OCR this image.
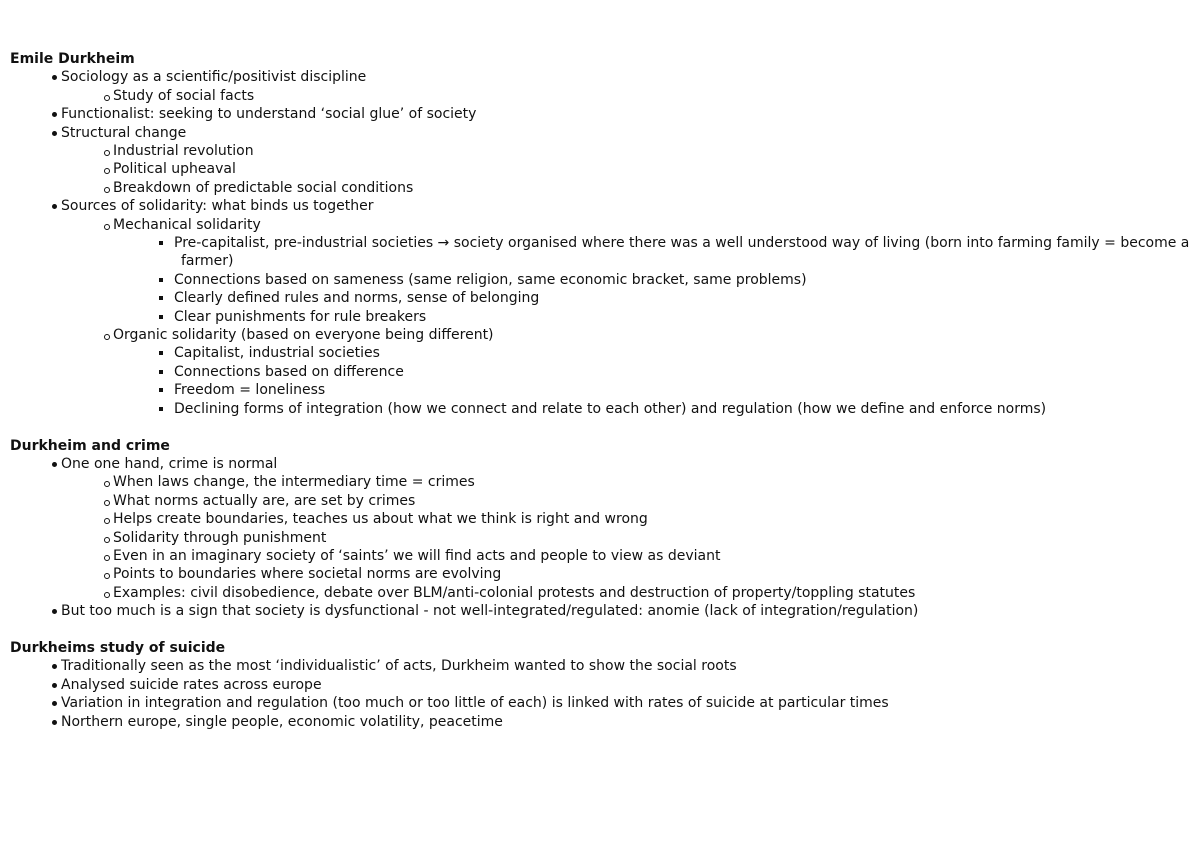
Emile Durkheim
Sociology as a scientific/positivist discipline
Study of social facts
Functionalist: seeking to understand ‘social glue’ of society
Structural change
Industrial revolution
Political upheaval
Breakdown of predictable social conditions
Sources of solidarity: what binds us together
Mechanical solidarity
Pre-capitalist, pre-industrial societies → society organised where there was a well understood way of living (born into farming family = become a farmer)
Connections based on sameness (same religion, same economic bracket, same problems)
Clearly defined rules and norms, sense of belonging
Clear punishments for rule breakers
Organic solidarity (based on everyone being different)
Capitalist, industrial societies
Connections based on difference
Freedom = loneliness
Declining forms of integration (how we connect and relate to each other) and regulation (how we define and enforce norms)
Durkheim and crime
One one hand, crime is normal
When laws change, the intermediary time = crimes
What norms actually are, are set by crimes
Helps create boundaries, teaches us about what we think is right and wrong
Solidarity through punishment
Even in an imaginary society of ‘saints’ we will find acts and people to view as deviant
Points to boundaries where societal norms are evolving
Examples: civil disobedience, debate over BLM/anti-colonial protests and destruction of property/toppling statutes
But too much is a sign that society is dysfunctional - not well-integrated/regulated: anomie (lack of integration/regulation)
Durkheims study of suicide
Traditionally seen as the most ‘individualistic’ of acts, Durkheim wanted to show the social roots
Analysed suicide rates across europe
Variation in integration and regulation (too much or too little of each) is linked with rates of suicide at particular times
Northern europe, single people, economic volatility, peacetime
